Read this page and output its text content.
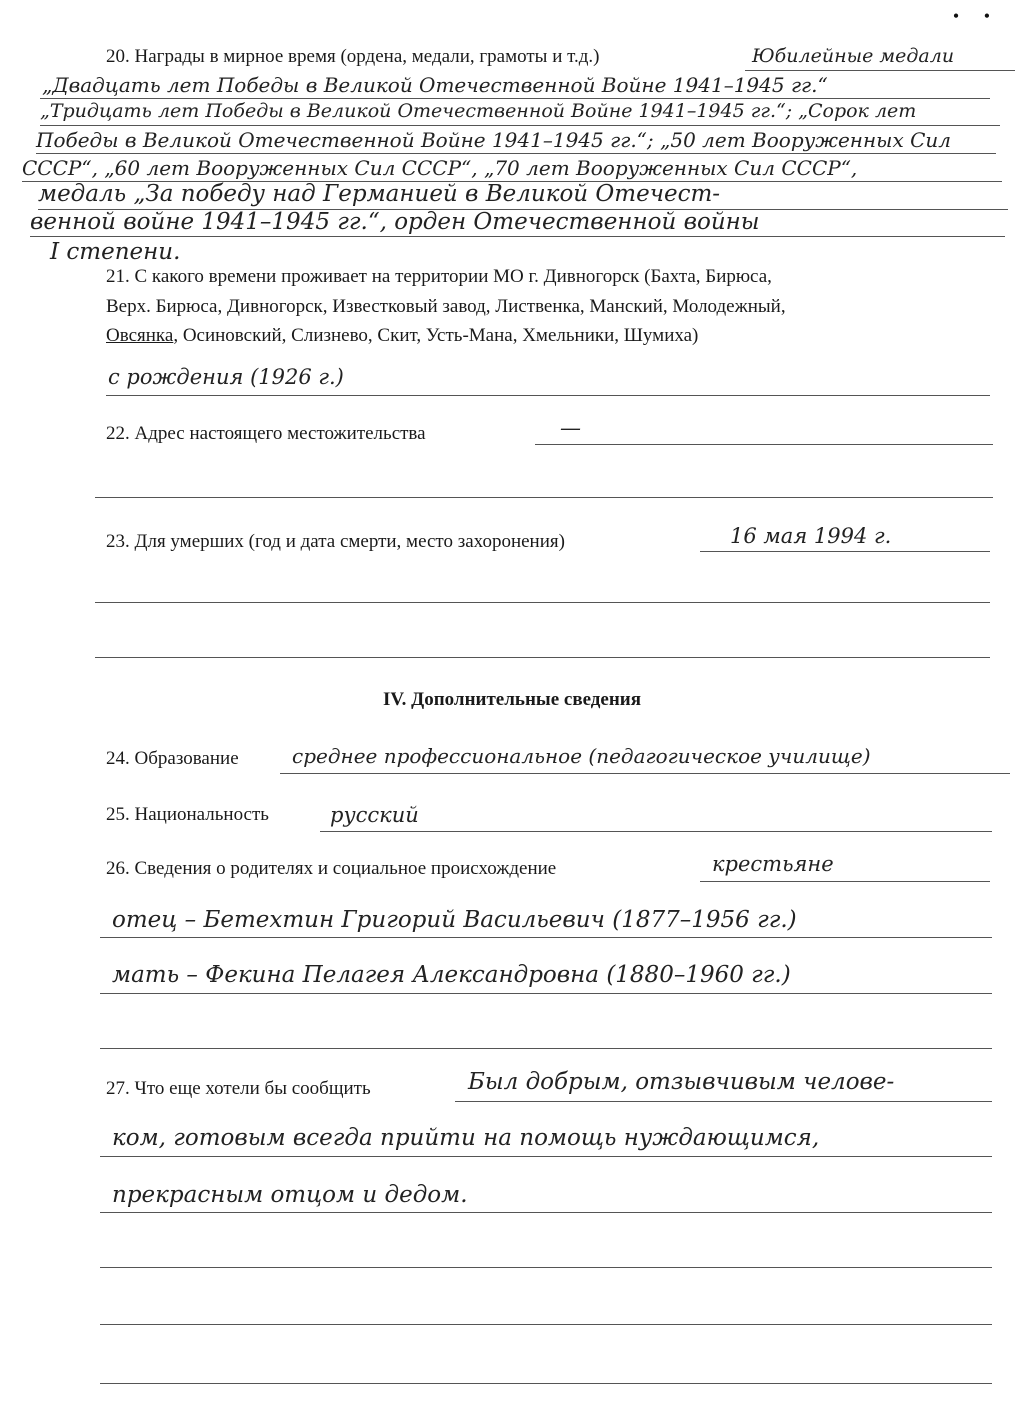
• •
20. Награды в мирное время (ордена, медали, грамоты и т.д.)	Юбилейные медали
„Двадцать лет Победы в Великой Отечественной Войне 1941–1945 гг.“
„Тридцать лет Победы в Великой Отечественной Войне 1941–1945 гг.“; „Сорок лет
Победы в Великой Отечественной Войне 1941–1945 гг.“; „50 лет Вооруженных Сил
СССР“, „60 лет Вооруженных Сил СССР“, „70 лет Вооруженных Сил СССР“,
медаль „За победу над Германией в Великой Отечест-
венной войне 1941–1945 гг.“, орден Отечественной войны
I степени.
21. С какого времени проживает на территории МО г. Дивногорск (Бахта, Бирюса,
Верх. Бирюса, Дивногорск, Известковый завод, Лиственка, Манский, Молодежный,
Овсянка, Осиновский, Слизнево, Скит, Усть-Мана, Хмельники, Шумиха)
с рождения (1926 г.)
22. Адрес настоящего местожительства	—
23. Для умерших (год и дата смерти, место захоронения)	16 мая 1994 г.
IV. Дополнительные сведения
24. Образование	среднее профессиональное (педагогическое училище)
25. Национальность	русский
26. Сведения о родителях и социальное происхождение	крестьяне
отец – Бетехтин Григорий Васильевич (1877–1956 гг.)
мать – Фекина Пелагея Александровна (1880–1960 гг.)
27. Что еще хотели бы сообщить	Был добрым, отзывчивым челове-
ком, готовым всегда прийти на помощь нуждающимся,
прекрасным отцом и дедом.
